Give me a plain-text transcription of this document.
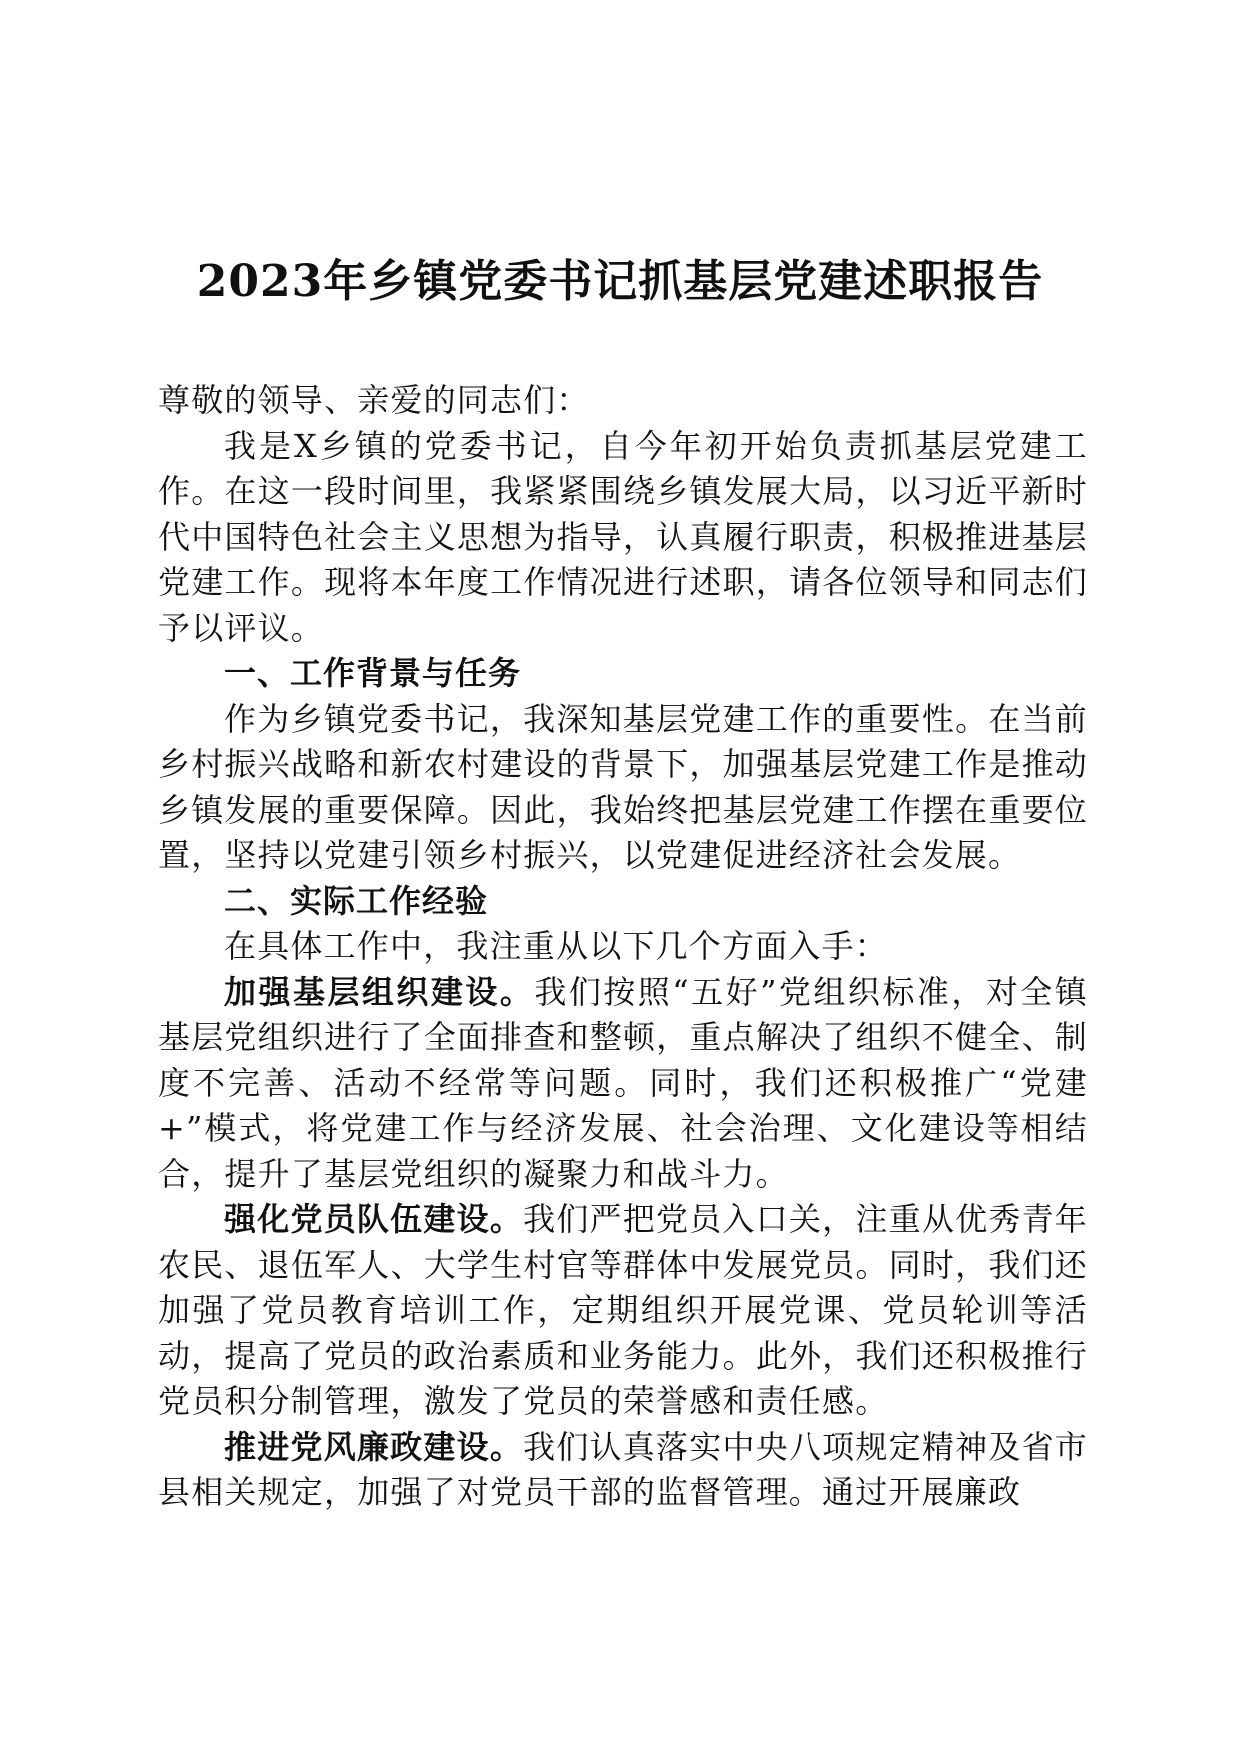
2023年乡镇党委书记抓基层党建述职报告

尊敬的领导、亲爱的同志们：

我是X乡镇的党委书记，自今年初开始负责抓基层党建工作。在这一段时间里，我紧紧围绕乡镇发展大局，以习近平新时代中国特色社会主义思想为指导，认真履行职责，积极推进基层党建工作。现将本年度工作情况进行述职，请各位领导和同志们予以评议。

一、工作背景与任务

作为乡镇党委书记，我深知基层党建工作的重要性。在当前乡村振兴战略和新农村建设的背景下，加强基层党建工作是推动乡镇发展的重要保障。因此，我始终把基层党建工作摆在重要位置，坚持以党建引领乡村振兴，以党建促进经济社会发展。

二、实际工作经验

在具体工作中，我注重从以下几个方面入手：

加强基层组织建设。我们按照“五好”党组织标准，对全镇基层党组织进行了全面排查和整顿，重点解决了组织不健全、制度不完善、活动不经常等问题。同时，我们还积极推广“党建+”模式，将党建工作与经济发展、社会治理、文化建设等相结合，提升了基层党组织的凝聚力和战斗力。

强化党员队伍建设。我们严把党员入口关，注重从优秀青年农民、退伍军人、大学生村官等群体中发展党员。同时，我们还加强了党员教育培训工作，定期组织开展党课、党员轮训等活动，提高了党员的政治素质和业务能力。此外，我们还积极推行党员积分制管理，激发了党员的荣誉感和责任感。

推进党风廉政建设。我们认真落实中央八项规定精神及省市县相关规定，加强了对党员干部的监督管理。通过开展廉政
